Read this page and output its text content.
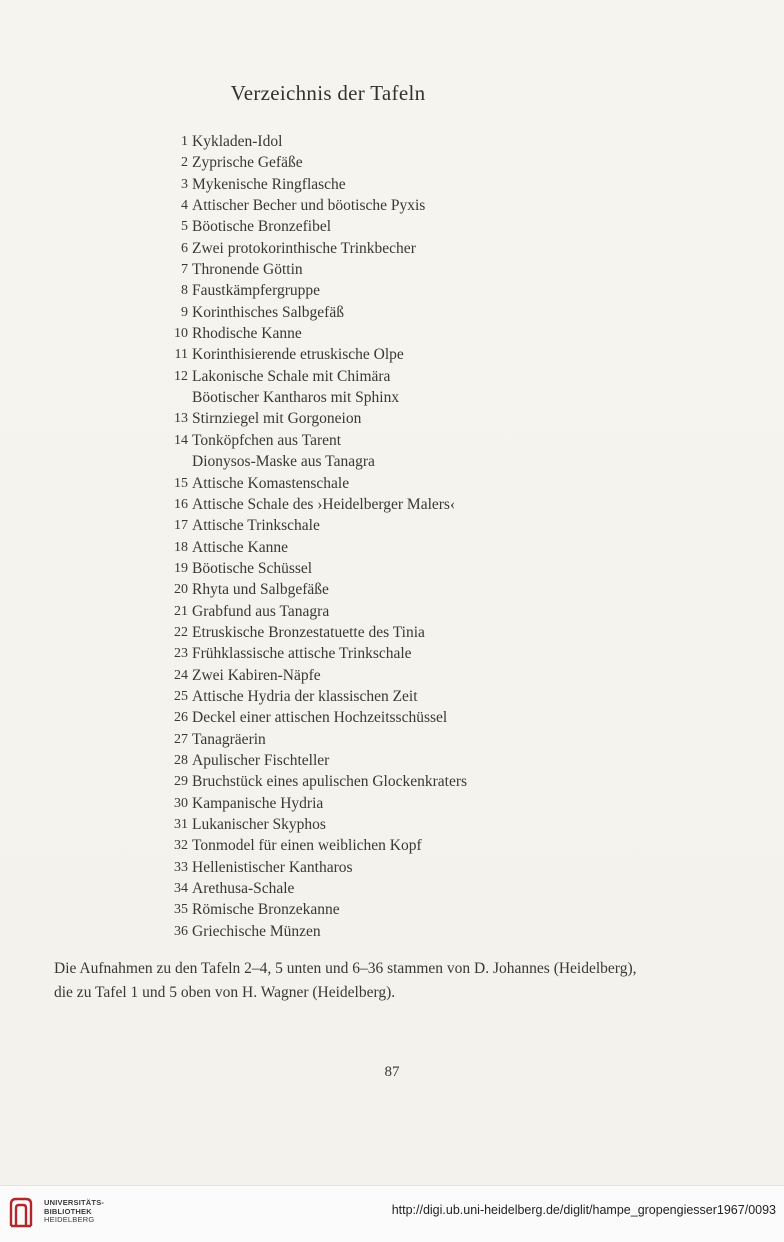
Verzeichnis der Tafeln
1 Kykladen-Idol
2 Zyprische Gefäße
3 Mykenische Ringflasche
4 Attischer Becher und böotische Pyxis
5 Böotische Bronzefibel
6 Zwei protokorinthische Trinkbecher
7 Thronende Göttin
8 Faustkämpfergruppe
9 Korinthisches Salbgefäß
10 Rhodische Kanne
11 Korinthisierende etruskische Olpe
12 Lakonische Schale mit Chimära
Böotischer Kantharos mit Sphinx
13 Stirnziegel mit Gorgoneion
14 Tonköpfchen aus Tarent
Dionysos-Maske aus Tanagra
15 Attische Komastenschale
16 Attische Schale des ›Heidelberger Malers‹
17 Attische Trinkschale
18 Attische Kanne
19 Böotische Schüssel
20 Rhyta und Salbgefäße
21 Grabfund aus Tanagra
22 Etruskische Bronzestatuette des Tinia
23 Frühklassische attische Trinkschale
24 Zwei Kabiren-Näpfe
25 Attische Hydria der klassischen Zeit
26 Deckel einer attischen Hochzeitsschüssel
27 Tanagräerin
28 Apulischer Fischteller
29 Bruchstück eines apulischen Glockenkraters
30 Kampanische Hydria
31 Lukanischer Skyphos
32 Tonmodel für einen weiblichen Kopf
33 Hellenistischer Kantharos
34 Arethusa-Schale
35 Römische Bronzekanne
36 Griechische Münzen

Die Aufnahmen zu den Tafeln 2–4, 5 unten und 6–36 stammen von D. Johannes (Heidelberg),
die zu Tafel 1 und 5 oben von H. Wagner (Heidelberg).

87
UNIVERSITÄTS-
BIBLIOTHEK
HEIDELBERG
http://digi.ub.uni-heidelberg.de/diglit/hampe_gropengiesser1967/0093
